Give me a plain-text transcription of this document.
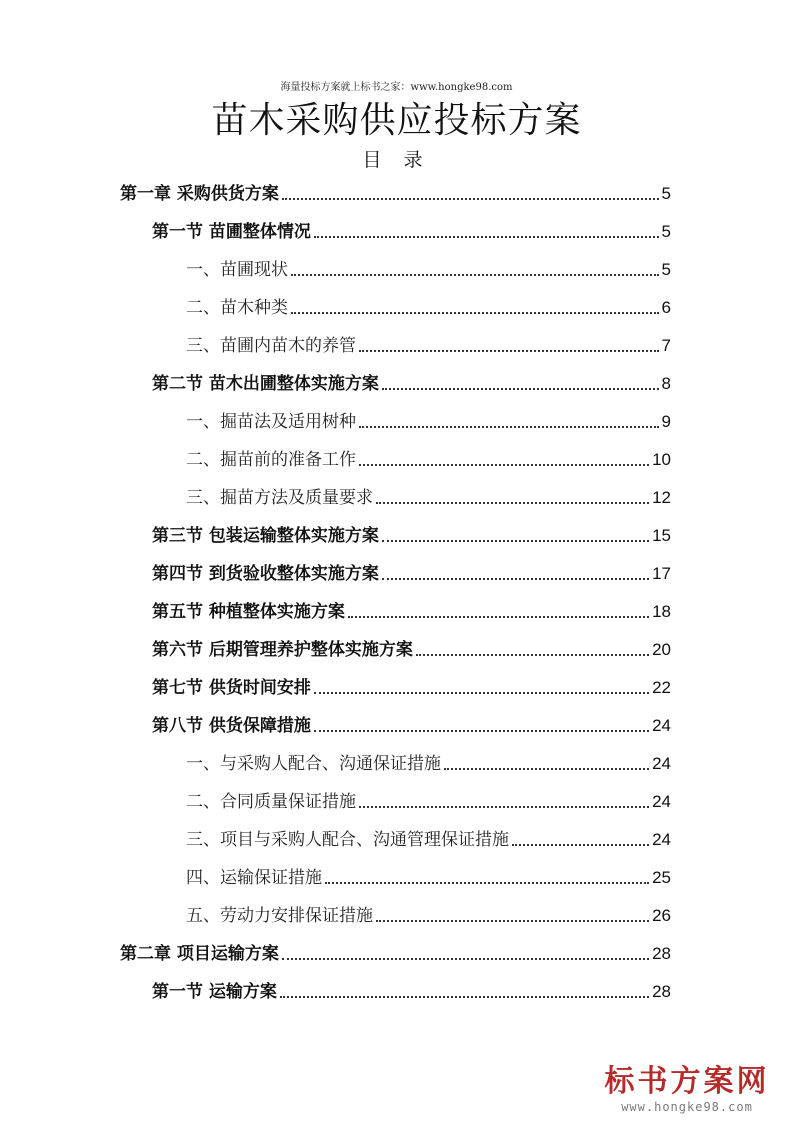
海量投标方案就上标书之家：www.hongke98.com
苗木采购供应投标方案
目 录
第一章 采购供货方案	5
第一节 苗圃整体情况	5
一、苗圃现状	5
二、苗木种类	6
三、苗圃内苗木的养管	7
第二节 苗木出圃整体实施方案	8
一、掘苗法及适用树种	9
二、掘苗前的准备工作	10
三、掘苗方法及质量要求	12
第三节 包装运输整体实施方案	15
第四节 到货验收整体实施方案	17
第五节 种植整体实施方案	18
第六节 后期管理养护整体实施方案	20
第七节 供货时间安排	22
第八节 供货保障措施	24
一、与采购人配合、沟通保证措施	24
二、合同质量保证措施	24
三、项目与采购人配合、沟通管理保证措施	24
四、运输保证措施	25
五、劳动力安排保证措施	26
第二章 项目运输方案	28
第一节 运输方案	28
标书方案网
www.hongke98.com
